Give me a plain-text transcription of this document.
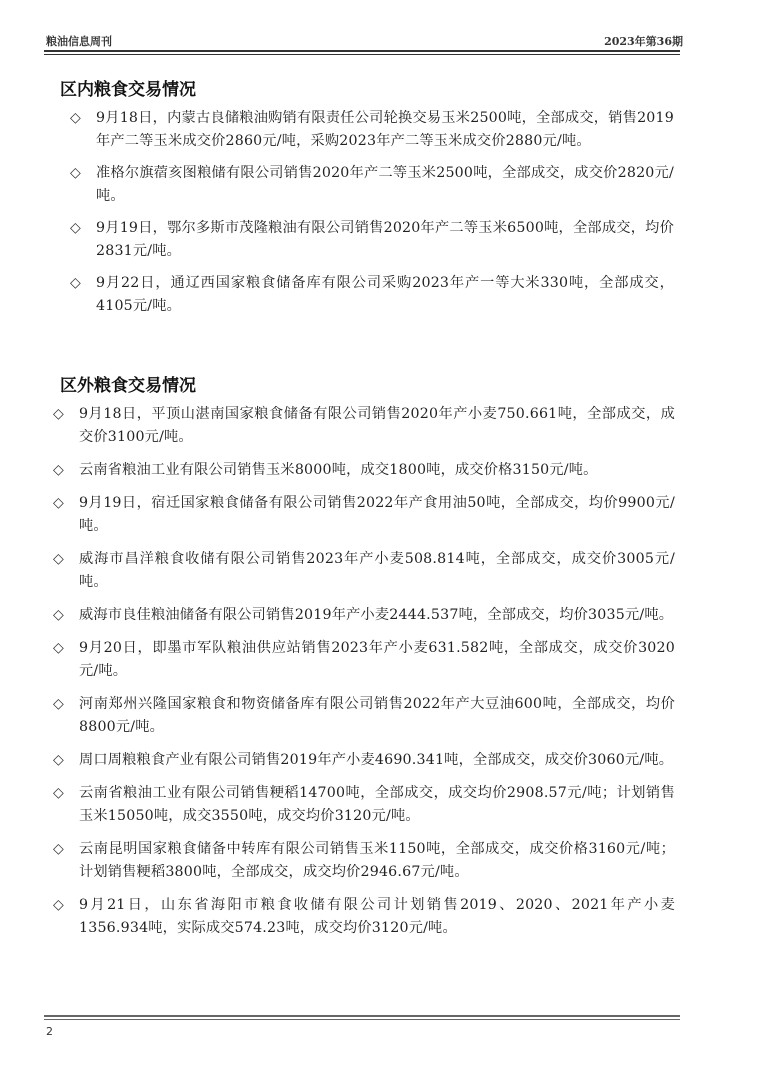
粮油信息周刊	2023年第36期
区内粮食交易情况
◇ 9月18日，内蒙古良储粮油购销有限责任公司轮换交易玉米2500吨，全部成交，销售2019年产二等玉米成交价2860元/吨，采购2023年产二等玉米成交价2880元/吨。
◇ 准格尔旗蓿亥图粮储有限公司销售2020年产二等玉米2500吨，全部成交，成交价2820元/吨。
◇ 9月19日，鄂尔多斯市茂隆粮油有限公司销售2020年产二等玉米6500吨，全部成交，均价2831元/吨。
◇ 9月22日，通辽西国家粮食储备库有限公司采购2023年产一等大米330吨，全部成交，4105元/吨。
区外粮食交易情况
◇ 9月18日，平顶山湛南国家粮食储备有限公司销售2020年产小麦750.661吨，全部成交，成交价3100元/吨。
◇ 云南省粮油工业有限公司销售玉米8000吨，成交1800吨，成交价格3150元/吨。
◇ 9月19日，宿迁国家粮食储备有限公司销售2022年产食用油50吨，全部成交，均价9900元/吨。
◇ 威海市昌洋粮食收储有限公司销售2023年产小麦508.814吨，全部成交，成交价3005元/吨。
◇ 威海市良佳粮油储备有限公司销售2019年产小麦2444.537吨，全部成交，均价3035元/吨。
◇ 9月20日，即墨市军队粮油供应站销售2023年产小麦631.582吨，全部成交，成交价3020元/吨。
◇ 河南郑州兴隆国家粮食和物资储备库有限公司销售2022年产大豆油600吨，全部成交，均价8800元/吨。
◇ 周口周粮粮食产业有限公司销售2019年产小麦4690.341吨，全部成交，成交价3060元/吨。
◇ 云南省粮油工业有限公司销售粳稻14700吨，全部成交，成交均价2908.57元/吨；计划销售玉米15050吨，成交3550吨，成交均价3120元/吨。
◇ 云南昆明国家粮食储备中转库有限公司销售玉米1150吨，全部成交，成交价格3160元/吨；计划销售粳稻3800吨，全部成交，成交均价2946.67元/吨。
◇ 9月21日，山东省海阳市粮食收储有限公司计划销售2019、2020、2021年产小麦1356.934吨，实际成交574.23吨，成交均价3120元/吨。
2
